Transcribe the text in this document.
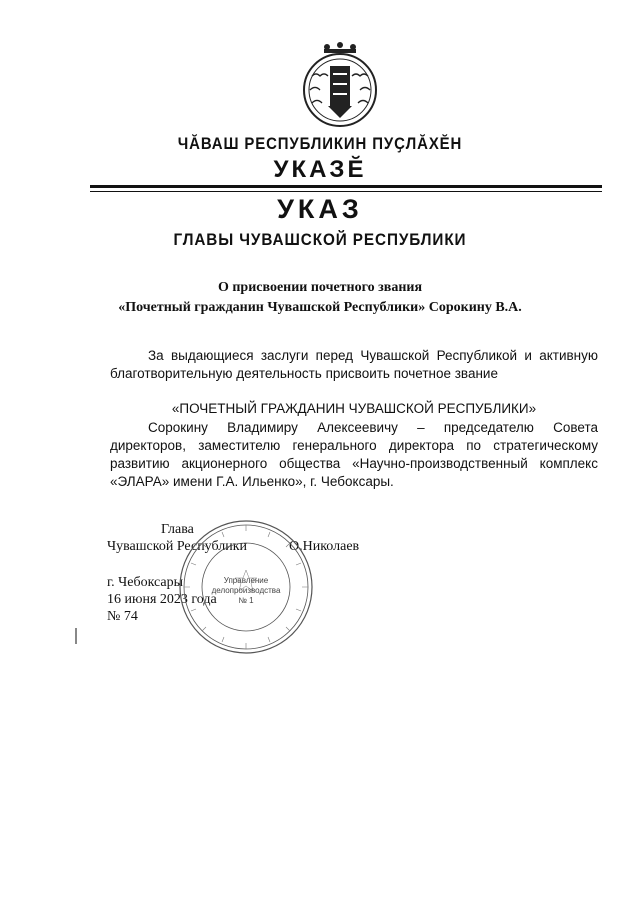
ЧӐВАШ РЕСПУБЛИКИН ПУҪЛӐХӖН
УКАЗӖ
УКАЗ
ГЛАВЫ ЧУВАШСКОЙ РЕСПУБЛИКИ
О присвоении почетного звания
«Почетный гражданин Чувашской Республики» Сорокину В.А.
За выдающиеся заслуги перед Чувашской Республикой и активную благотворительную деятельность присвоить почетное звание
«ПОЧЕТНЫЙ ГРАЖДАНИН ЧУВАШСКОЙ РЕСПУБЛИКИ»
Сорокину Владимиру Алексеевичу – председателю Совета директоров, заместителю генерального директора по стратегическому развитию акционерного общества «Научно-производственный комплекс «ЭЛАРА» имени Г.А. Ильенко», г. Чебоксары.
Глава
Чувашской Республики	О.Николаев
г. Чебоксары
16 июня 2023 года
№ 74
Управление
делопроизводства
№ 1
